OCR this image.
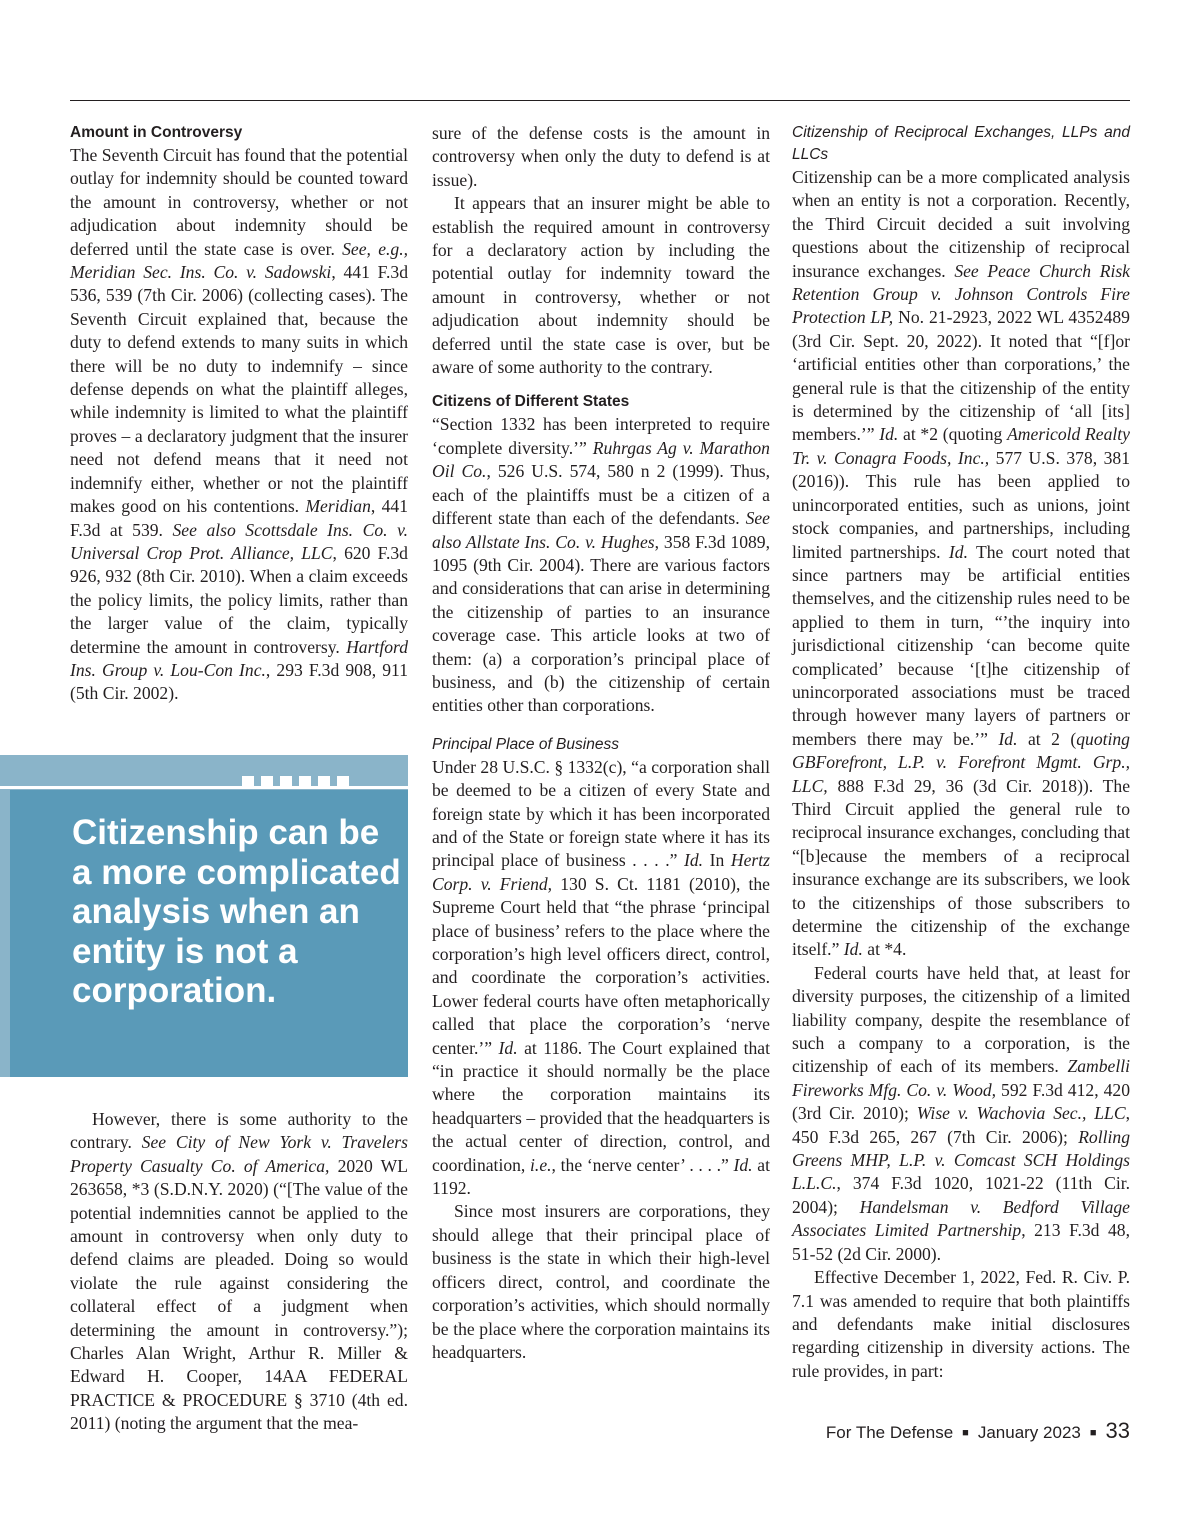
Amount in Controversy

The Seventh Circuit has found that the potential outlay for indemnity should be counted toward the amount in controversy, whether or not adjudication about indemnity should be deferred until the state case is over. See, e.g., Meridian Sec. Ins. Co. v. Sadowski, 441 F.3d 536, 539 (7th Cir. 2006) (collecting cases). The Seventh Circuit explained that, because the duty to defend extends to many suits in which there will be no duty to indemnify – since defense depends on what the plaintiff alleges, while indemnity is limited to what the plaintiff proves – a declaratory judgment that the insurer need not defend means that it need not indemnify either, whether or not the plaintiff makes good on his contentions. Meridian, 441 F.3d at 539. See also Scottsdale Ins. Co. v. Universal Crop Prot. Alliance, LLC, 620 F.3d 926, 932 (8th Cir. 2010). When a claim exceeds the policy limits, the policy limits, rather than the larger value of the claim, typically determine the amount in controversy. Hartford Ins. Group v. Lou-Con Inc., 293 F.3d 908, 911 (5th Cir. 2002).

Citizenship can be a more complicated analysis when an entity is not a corporation.

However, there is some authority to the contrary. See City of New York v. Travelers Property Casualty Co. of America, 2020 WL 263658, *3 (S.D.N.Y. 2020) (“[The value of the potential indemnities cannot be applied to the amount in controversy when only duty to defend claims are pleaded. Doing so would violate the rule against considering the collateral effect of a judgment when determining the amount in controversy.”); Charles Alan Wright, Arthur R. Miller & Edward H. Cooper, 14AA FEDERAL PRACTICE & PROCEDURE § 3710 (4th ed. 2011) (noting the argument that the mea-

sure of the defense costs is the amount in controversy when only the duty to defend is at issue).

It appears that an insurer might be able to establish the required amount in controversy for a declaratory action by including the potential outlay for indemnity toward the amount in controversy, whether or not adjudication about indemnity should be deferred until the state case is over, but be aware of some authority to the contrary.

Citizens of Different States

“Section 1332 has been interpreted to require ‘complete diversity.’” Ruhrgas Ag v. Marathon Oil Co., 526 U.S. 574, 580 n 2 (1999). Thus, each of the plaintiffs must be a citizen of a different state than each of the defendants. See also Allstate Ins. Co. v. Hughes, 358 F.3d 1089, 1095 (9th Cir. 2004). There are various factors and considerations that can arise in determining the citizenship of parties to an insurance coverage case. This article looks at two of them: (a) a corporation’s principal place of business, and (b) the citizenship of certain entities other than corporations.

Principal Place of Business

Under 28 U.S.C. § 1332(c), “a corporation shall be deemed to be a citizen of every State and foreign state by which it has been incorporated and of the State or foreign state where it has its principal place of business . . . .” Id. In Hertz Corp. v. Friend, 130 S. Ct. 1181 (2010), the Supreme Court held that “the phrase ‘principal place of business’ refers to the place where the corporation’s high level officers direct, control, and coordinate the corporation’s activities. Lower federal courts have often metaphorically called that place the corporation’s ‘nerve center.’” Id. at 1186. The Court explained that “in practice it should normally be the place where the corporation maintains its headquarters – provided that the headquarters is the actual center of direction, control, and coordination, i.e., the ‘nerve center’ . . . .” Id. at 1192.

Since most insurers are corporations, they should allege that their principal place of business is the state in which their high-level officers direct, control, and coordinate the corporation’s activities, which should normally be the place where the corporation maintains its headquarters.

Citizenship of Reciprocal Exchanges, LLPs and LLCs

Citizenship can be a more complicated analysis when an entity is not a corporation. Recently, the Third Circuit decided a suit involving questions about the citizenship of reciprocal insurance exchanges. See Peace Church Risk Retention Group v. Johnson Controls Fire Protection LP, No. 21-2923, 2022 WL 4352489 (3rd Cir. Sept. 20, 2022). It noted that “[f]or ‘artificial entities other than corporations,’ the general rule is that the citizenship of the entity is determined by the citizenship of ‘all [its] members.’” Id. at *2 (quoting Americold Realty Tr. v. Conagra Foods, Inc., 577 U.S. 378, 381 (2016)). This rule has been applied to unincorporated entities, such as unions, joint stock companies, and partnerships, including limited partnerships. Id. The court noted that since partners may be artificial entities themselves, and the citizenship rules need to be applied to them in turn, “’the inquiry into jurisdictional citizenship ‘can become quite complicated’ because ‘[t]he citizenship of unincorporated associations must be traced through however many layers of partners or members there may be.’” Id. at 2 (quoting GBForefront, L.P. v. Forefront Mgmt. Grp., LLC, 888 F.3d 29, 36 (3d Cir. 2018)). The Third Circuit applied the general rule to reciprocal insurance exchanges, concluding that “[b]ecause the members of a reciprocal insurance exchange are its subscribers, we look to the citizenships of those subscribers to determine the citizenship of the exchange itself.” Id. at *4.

Federal courts have held that, at least for diversity purposes, the citizenship of a limited liability company, despite the resemblance of such a company to a corporation, is the citizenship of each of its members. Zambelli Fireworks Mfg. Co. v. Wood, 592 F.3d 412, 420 (3rd Cir. 2010); Wise v. Wachovia Sec., LLC, 450 F.3d 265, 267 (7th Cir. 2006); Rolling Greens MHP, L.P. v. Comcast SCH Holdings L.L.C., 374 F.3d 1020, 1021-22 (11th Cir. 2004); Handelsman v. Bedford Village Associates Limited Partnership, 213 F.3d 48, 51-52 (2d Cir. 2000).

Effective December 1, 2022, Fed. R. Civ. P. 7.1 was amended to require that both plaintiffs and defendants make initial disclosures regarding citizenship in diversity actions. The rule provides, in part:

For The Defense ■ January 2023 ■ 33
